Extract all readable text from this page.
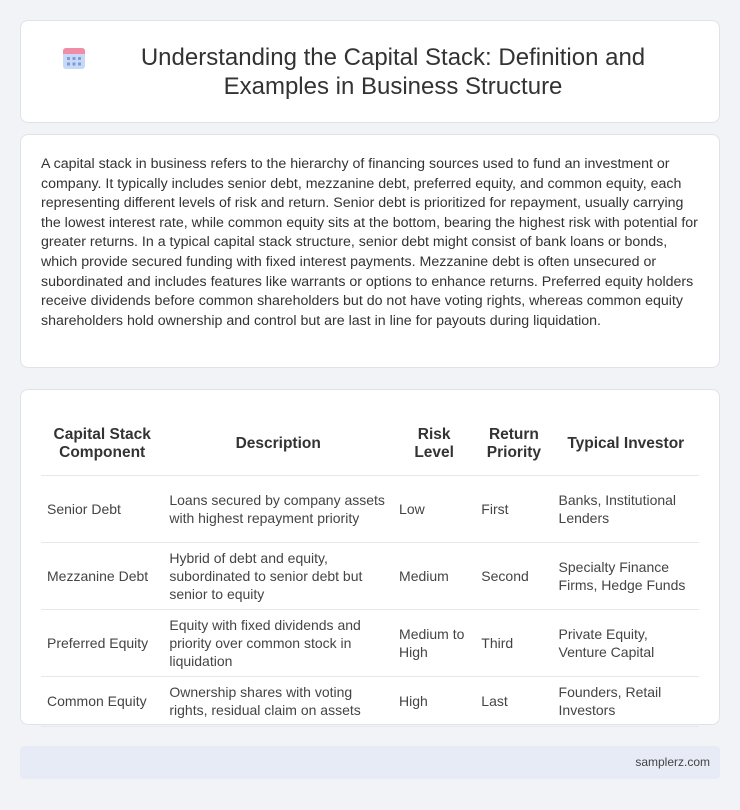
Understanding the Capital Stack: Definition and Examples in Business Structure

A capital stack in business refers to the hierarchy of financing sources used to fund an investment or company. It typically includes senior debt, mezzanine debt, preferred equity, and common equity, each representing different levels of risk and return. Senior debt is prioritized for repayment, usually carrying the lowest interest rate, while common equity sits at the bottom, bearing the highest risk with potential for greater returns. In a typical capital stack structure, senior debt might consist of bank loans or bonds, which provide secured funding with fixed interest payments. Mezzanine debt is often unsecured or subordinated and includes features like warrants or options to enhance returns. Preferred equity holders receive dividends before common shareholders but do not have voting rights, whereas common equity shareholders hold ownership and control but are last in line for payouts during liquidation.

Capital Stack Component	Description	Risk Level	Return Priority	Typical Investor
Senior Debt	Loans secured by company assets with highest repayment priority	Low	First	Banks, Institutional Lenders
Mezzanine Debt	Hybrid of debt and equity, subordinated to senior debt but senior to equity	Medium	Second	Specialty Finance Firms, Hedge Funds
Preferred Equity	Equity with fixed dividends and priority over common stock in liquidation	Medium to High	Third	Private Equity, Venture Capital
Common Equity	Ownership shares with voting rights, residual claim on assets	High	Last	Founders, Retail Investors
samplerz.com
